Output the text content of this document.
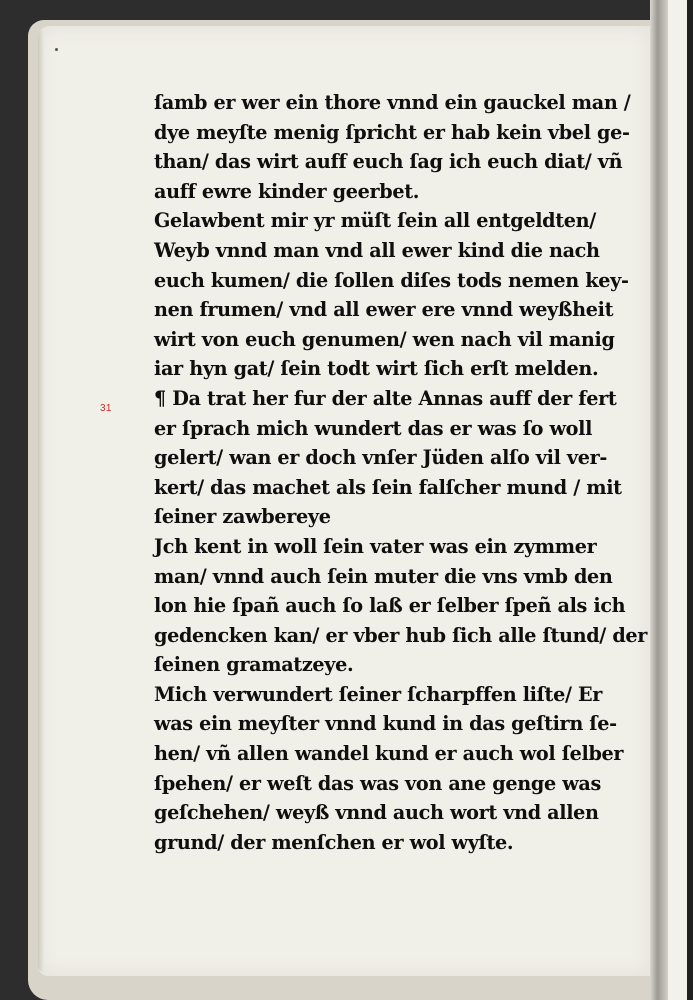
31
ſamb er wer ein thore vnnd ein gauckel man /
dye meyſte menig ſpricht er hab kein vbel ge-
than/ das wirt auff euch ſag ich euch diat/ vñ
auff ewre kinder geerbet.
Gelawbent mir yr müſt ſein all entgeldten/
Weyb vnnd man vnd all ewer kind die nach
euch kumen/ die ſollen diſes tods nemen key-
nen frumen/ vnd all ewer ere vnnd weyßheit
wirt von euch genumen/ wen nach vil manig
iar hyn gat/ ſein todt wirt ſich erſt melden.
¶ Da trat her fur der alte Annas auff der fert
er ſprach mich wundert das er was ſo woll
gelert/ wan er doch vnſer Jüden alſo vil ver-
kert/ das machet als ſein falſcher mund / mit
ſeiner zawbereye
Jch kent in woll ſein vater was ein zymmer
man/ vnnd auch ſein muter die vns vmb den
lon hie ſpañ auch ſo laß er ſelber ſpeñ als ich
gedencken kan/ er vber hub ſich alle ſtund/ der
ſeinen gramatzeye.
Mich verwundert ſeiner ſcharpffen liſte/ Er
was ein meyſter vnnd kund in das geſtirn ſe-
hen/ vñ allen wandel kund er auch wol ſelber
ſpehen/ er weſt das was von ane genge was
geſchehen/ weyß vnnd auch wort vnd allen
grund/ der menſchen er wol wyſte.
